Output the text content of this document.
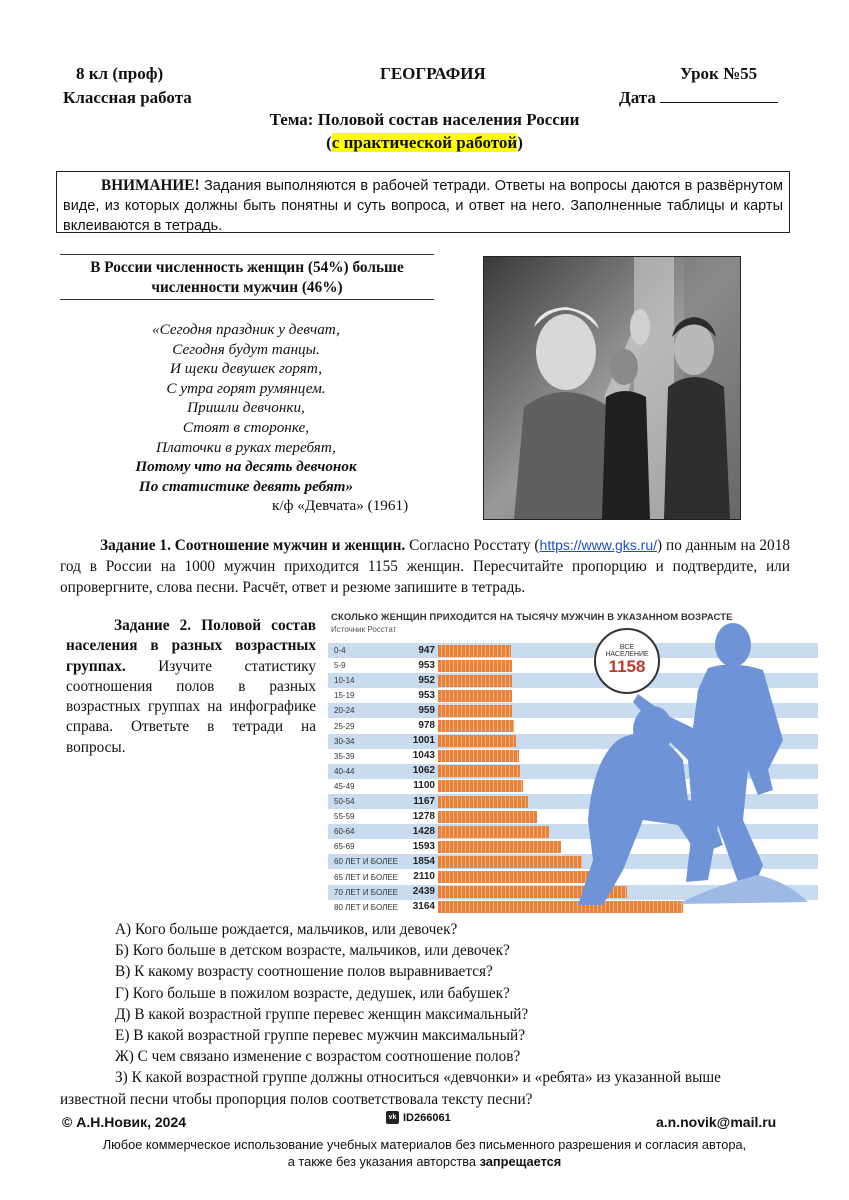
8 кл (проф)	ГЕОГРАФИЯ	Урок №55
Классная работа	Дата
Тема: Половой состав населения России
(с практической работой)
ВНИМАНИЕ! Задания выполняются в рабочей тетради. Ответы на вопросы даются в развёрнутом виде, из которых должны быть понятны и суть вопроса, и ответ на него. Заполненные таблицы и карты вклеиваются в тетрадь.
В России численность женщин (54%) больше
численности мужчин (46%)
«Сегодня праздник у девчат,
Сегодня будут танцы.
И щеки девушек горят,
С утра горят румянцем.
Пришли девчонки,
Стоят в сторонке,
Платочки в руках теребят,
Потому что на десять девчонок
По статистике девять ребят»
к/ф «Девчата» (1961)
Задание 1. Соотношение мужчин и женщин. Согласно Росстату (https://www.gks.ru/) по данным на 2018 год в России на 1000 мужчин приходится 1155 женщин. Пересчитайте пропорцию и подтвердите, или опровергните, слова песни. Расчёт, ответ и резюме запишите в тетрадь.
Задание 2. Половой состав населения в разных возрастных группах. Изучите статистику соотношения полов в разных возрастных группах на инфографике справа. Ответьте в тетради на вопросы.
СКОЛЬКО ЖЕНЩИН ПРИХОДИТСЯ НА ТЫСЯЧУ МУЖЧИН В УКАЗАННОМ ВОЗРАСТЕ
Источник Росстат
0-4	947
5-9	953
10-14	952
15-19	953
20-24	959
25-29	978
30-34	1001
35-39	1043
40-44	1062
45-49	1100
50-54	1167
55-59	1278
60-64	1428
65-69	1593
60 ЛЕТ И БОЛЕЕ	1854
65 ЛЕТ И БОЛЕЕ	2110
70 ЛЕТ И БОЛЕЕ	2439
80 ЛЕТ И БОЛЕЕ	3164
ВСЕ
НАСЕЛЕНИЕ
1158
А) Кого больше рождается, мальчиков, или девочек?
Б) Кого больше в детском возрасте, мальчиков, или девочек?
В) К какому возрасту соотношение полов выравнивается?
Г) Кого больше в пожилом возрасте, дедушек, или бабушек?
Д) В какой возрастной группе перевес женщин максимальный?
Е) В какой возрастной группе перевес мужчин максимальный?
Ж) С чем связано изменение с возрастом соотношение полов?
З) К какой возрастной группе должны относиться «девчонки» и «ребята» из указанной выше известной песни чтобы пропорция полов соответствовала тексту песни?
© А.Н.Новик, 2024	vk ID266061	a.n.novik@mail.ru
Любое коммерческое использование учебных материалов без письменного разрешения и согласия автора,
а также без указания авторства запрещается
